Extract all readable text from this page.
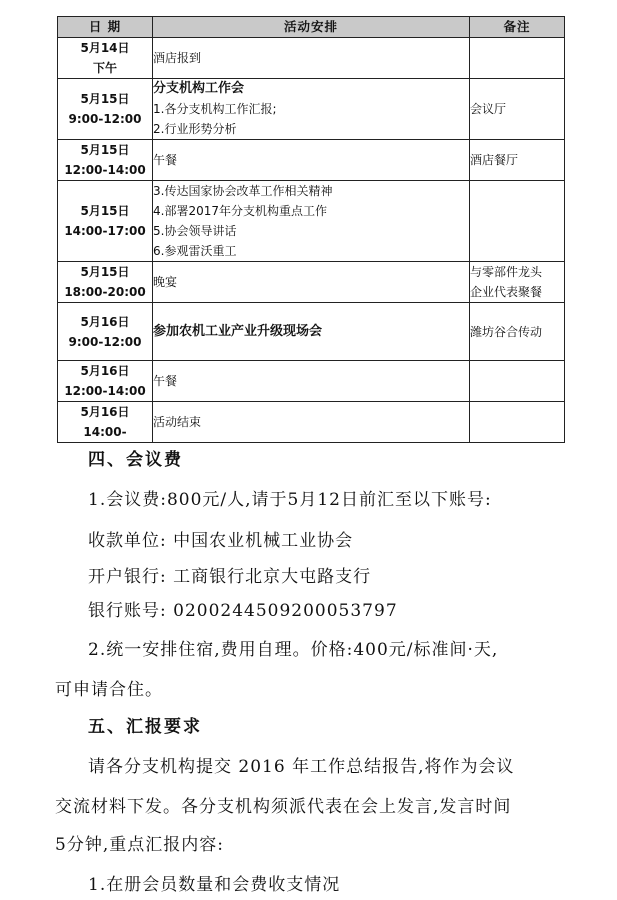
日 期	活动安排	备注

5月14日
下午	酒店报到	

5月15日
9:00-12:00	分支机构工作会
1.各分支机构工作汇报;
2.行业形势分析	会议厅

5月15日
12:00-14:00	午餐	酒店餐厅

5月15日
14:00-17:00	3.传达国家协会改革工作相关精神
4.部署2017年分支机构重点工作
5.协会领导讲话
6.参观雷沃重工	

5月15日
18:00-20:00	晚宴	与零部件龙头
企业代表聚餐

5月16日
9:00-12:00	参加农机工业产业升级现场会	潍坊谷合传动

5月16日
12:00-14:00	午餐	

5月16日
14:00-	活动结束	

四、会议费
1.会议费:800元/人,请于5月12日前汇至以下账号:
收款单位: 中国农业机械工业协会
开户银行: 工商银行北京大屯路支行
银行账号: 0200244509200053797
2.统一安排住宿,费用自理。价格:400元/标准间·天,
可申请合住。
五、汇报要求
请各分支机构提交 2016 年工作总结报告,将作为会议
交流材料下发。各分支机构须派代表在会上发言,发言时间
5分钟,重点汇报内容:
1.在册会员数量和会费收支情况
